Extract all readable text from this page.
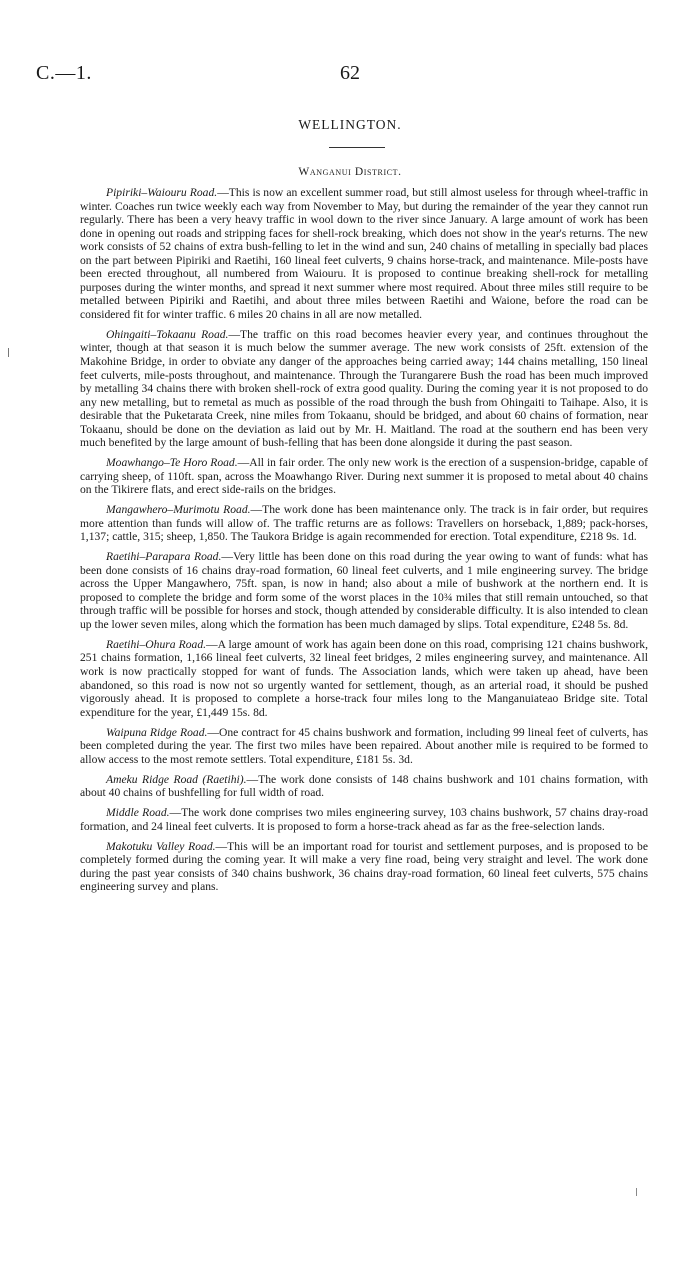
C.—1.	62
WELLINGTON.
Wanganui District.

Pipiriki–Waiouru Road.—This is now an excellent summer road, but still almost useless for through wheel-traffic in winter. Coaches run twice weekly each way from November to May, but during the remainder of the year they cannot run regularly. There has been a very heavy traffic in wool down to the river since January. A large amount of work has been done in opening out roads and stripping faces for shell-rock breaking, which does not show in the year's returns. The new work consists of 52 chains of extra bush-felling to let in the wind and sun, 240 chains of metalling in specially bad places on the part between Pipiriki and Raetihi, 160 lineal feet culverts, 9 chains horse-track, and maintenance. Mile-posts have been erected throughout, all numbered from Waiouru. It is proposed to continue breaking shell-rock for metalling purposes during the winter months, and spread it next summer where most required. About three miles still require to be metalled between Pipiriki and Raetihi, and about three miles between Raetihi and Waione, before the road can be considered fit for winter traffic. 6 miles 20 chains in all are now metalled.

Ohingaiti–Tokaanu Road.—The traffic on this road becomes heavier every year, and continues throughout the winter, though at that season it is much below the summer average. The new work consists of 25ft. extension of the Makohine Bridge, in order to obviate any danger of the approaches being carried away; 144 chains metalling, 150 lineal feet culverts, mile-posts throughout, and maintenance. Through the Turangarere Bush the road has been much improved by metalling 34 chains there with broken shell-rock of extra good quality. During the coming year it is not proposed to do any new metalling, but to remetal as much as possible of the road through the bush from Ohingaiti to Taihape. Also, it is desirable that the Puketarata Creek, nine miles from Tokaanu, should be bridged, and about 60 chains of formation, near Tokaanu, should be done on the deviation as laid out by Mr. H. Maitland. The road at the southern end has been very much benefited by the large amount of bush-felling that has been done alongside it during the past season.

Moawhango–Te Horo Road.—All in fair order. The only new work is the erection of a suspension-bridge, capable of carrying sheep, of 110ft. span, across the Moawhango River. During next summer it is proposed to metal about 40 chains on the Tikirere flats, and erect side-rails on the bridges.

Mangawhero–Murimotu Road.—The work done has been maintenance only. The track is in fair order, but requires more attention than funds will allow of. The traffic returns are as follows: Travellers on horseback, 1,889; pack-horses, 1,137; cattle, 315; sheep, 1,850. The Taukora Bridge is again recommended for erection. Total expenditure, £218 9s. 1d.

Raetihi–Parapara Road.—Very little has been done on this road during the year owing to want of funds: what has been done consists of 16 chains dray-road formation, 60 lineal feet culverts, and 1 mile engineering survey. The bridge across the Upper Mangawhero, 75ft. span, is now in hand; also about a mile of bushwork at the northern end. It is proposed to complete the bridge and form some of the worst places in the 10¾ miles that still remain untouched, so that through traffic will be possible for horses and stock, though attended by considerable difficulty. It is also intended to clean up the lower seven miles, along which the formation has been much damaged by slips. Total expenditure, £248 5s. 8d.

Raetihi–Ohura Road.—A large amount of work has again been done on this road, comprising 121 chains bushwork, 251 chains formation, 1,166 lineal feet culverts, 32 lineal feet bridges, 2 miles engineering survey, and maintenance. All work is now practically stopped for want of funds. The Association lands, which were taken up ahead, have been abandoned, so this road is now not so urgently wanted for settlement, though, as an arterial road, it should be pushed vigorously ahead. It is proposed to complete a horse-track four miles long to the Manganuiateao Bridge site. Total expenditure for the year, £1,449 15s. 8d.

Waipuna Ridge Road.—One contract for 45 chains bushwork and formation, including 99 lineal feet of culverts, has been completed during the year. The first two miles have been repaired. About another mile is required to be formed to allow access to the most remote settlers. Total expenditure, £181 5s. 3d.

Ameku Ridge Road (Raetihi).—The work done consists of 148 chains bushwork and 101 chains formation, with about 40 chains of bushfelling for full width of road.

Middle Road.—The work done comprises two miles engineering survey, 103 chains bushwork, 57 chains dray-road formation, and 24 lineal feet culverts. It is proposed to form a horse-track ahead as far as the free-selection lands.

Makotuku Valley Road.—This will be an important road for tourist and settlement purposes, and is proposed to be completely formed during the coming year. It will make a very fine road, being very straight and level. The work done during the past year consists of 340 chains bushwork, 36 chains dray-road formation, 60 lineal feet culverts, 575 chains engineering survey and plans.
